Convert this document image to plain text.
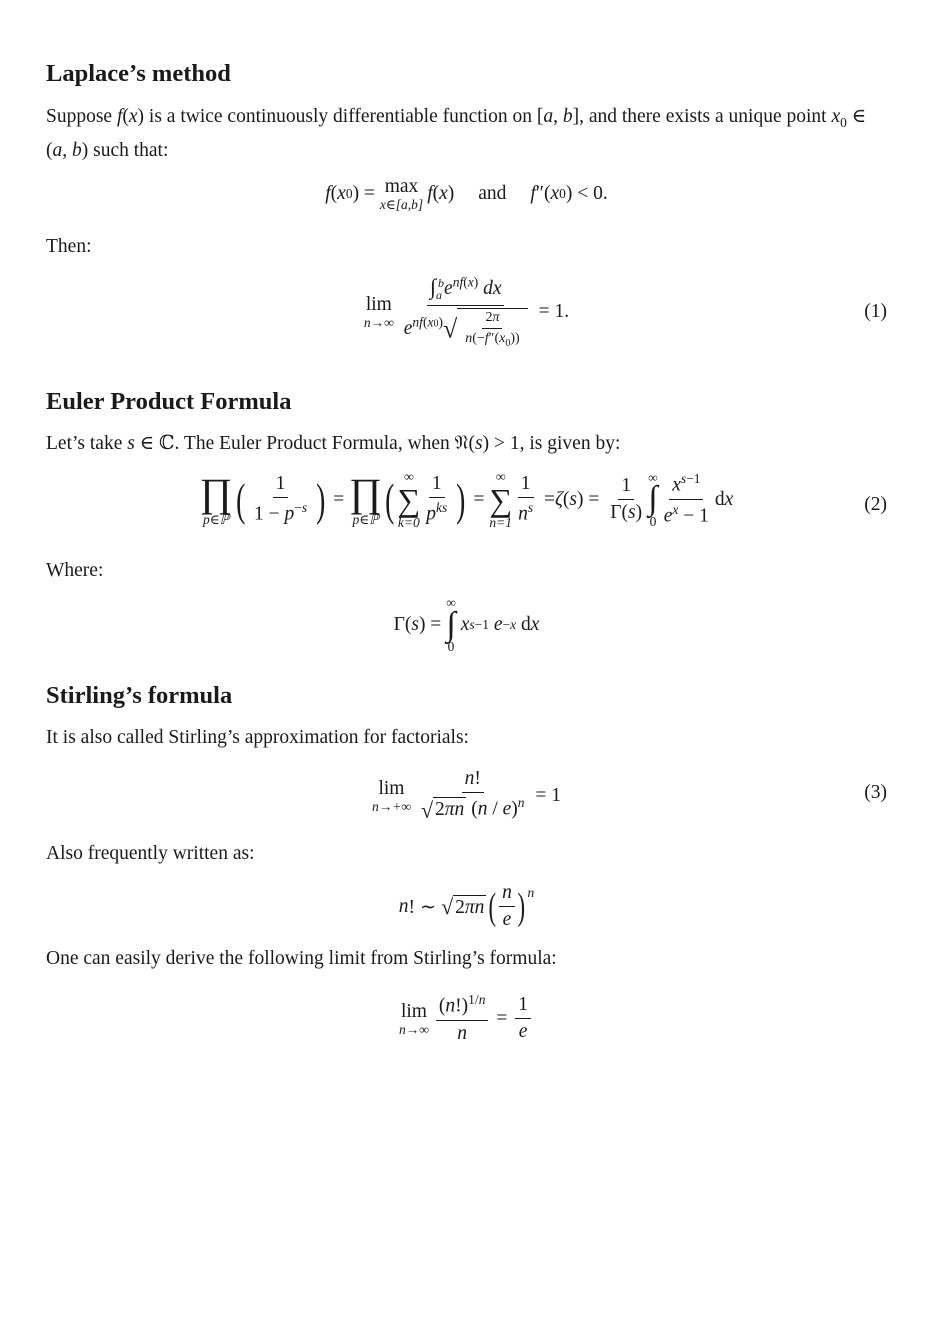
Laplace’s method

Suppose f(x) is a twice continuously differentiable function on [a, b], and there exists a unique point $x_0$ ∈ (a, b) such that:

f ( x 0 ) = max
x∈[a,b]
f ( x ) and f ″( x 0 ) < 0.

Then:

lim
$n\to\infty \frac{\int_a^be^{nf(x)} dx}{e^{nf(x0)}√ \frac{2\pi}{n(-f''(x_0))}} = 1$.	(1)
Euler Product Formula

Let’s take s ∈ ℂ. The Euler Product Formula, when 𝔑(s) > 1, is given by:

∏
p∈ℙ ( $\frac{1}{1 - p^{-s}}$ ) = ∏
p∈ℙ ( ∞
∑
$k=0 \frac{1}{p^{ks}}$ ) =
∞
∑
$n=1 \frac{1}{n^s} = \zeta$ ( s ) = $\frac{1}{\Gamma(s)}$ ∞
∫
$0 \frac{x^{s-1}}{e^x - 1}$ d x	(2)

Where:

Γ( s ) =
∞
∫
0

x s−1
e −x d x
Stirling’s formula

It is also called Stirling’s approximation for factorials:

lim
$n\to+\infty \frac{n!}{√ 2\pi n (n / e)^n} = 1$	(3)

Also frequently written as:

n ! ∼ √ 2πn ( $\frac{n}{e} )^n$

One can easily derive the following limit from Stirling’s formula:

lim
$n\to\infty \frac{(n!)^{1/n}}{n} = \frac{1}{e}$
